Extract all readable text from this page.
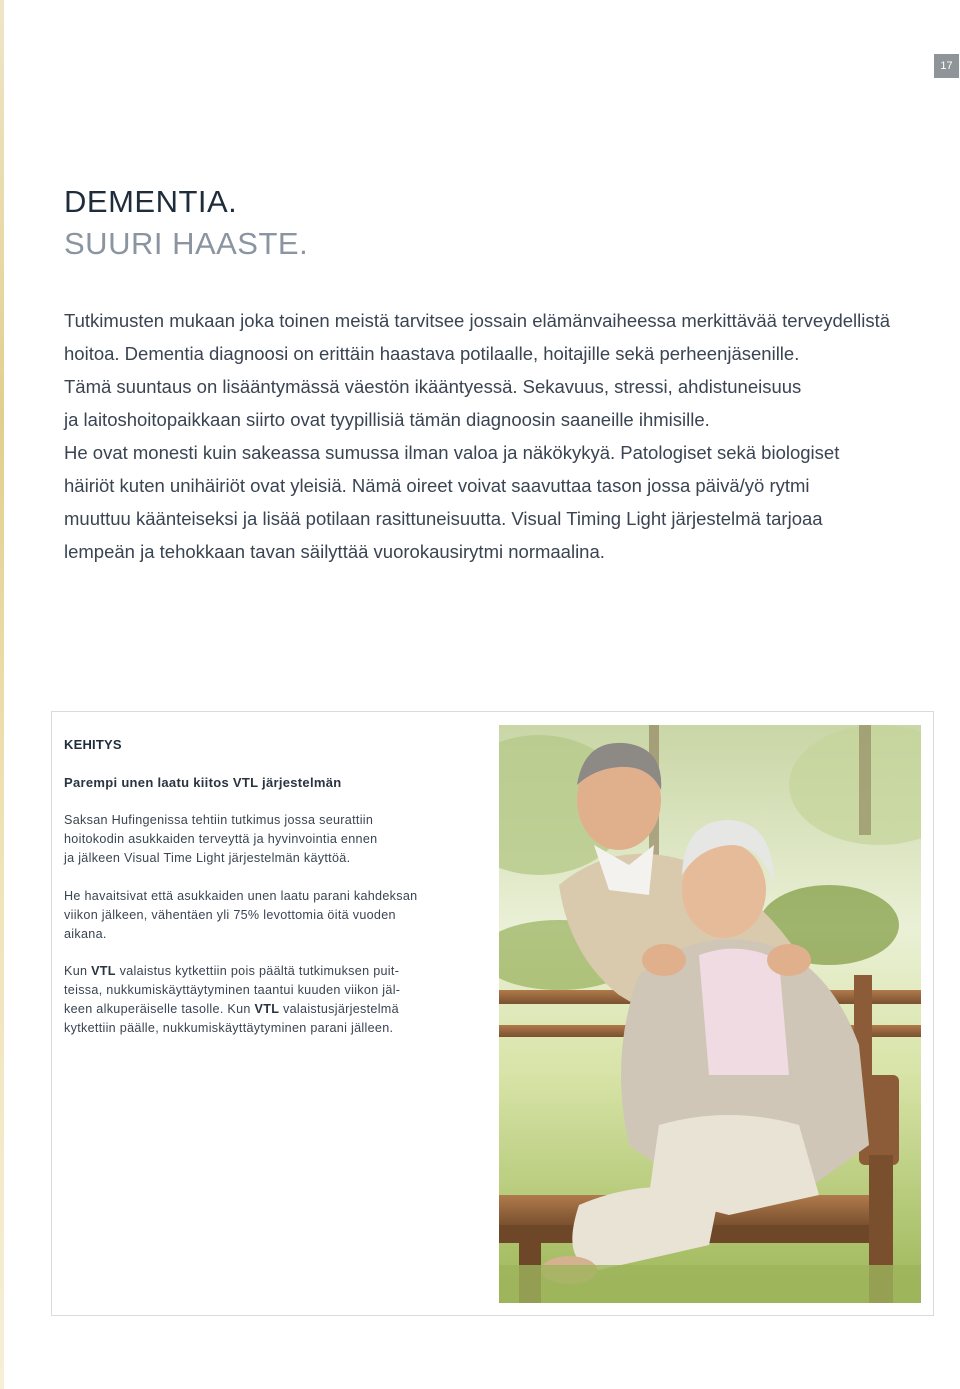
17
DEMENTIA.
SUURI HAASTE.

Tutkimusten mukaan joka toinen meistä tarvitsee jossain elämänvaiheessa merkittävää terveydellistä
hoitoa. Dementia diagnoosi on erittäin haastava potilaalle, hoitajille sekä perheenjäsenille.
Tämä suuntaus on lisääntymässä väestön ikääntyessä. Sekavuus, stressi, ahdistuneisuus
ja laitoshoitopaikkaan siirto ovat tyypillisiä tämän diagnoosin saaneille ihmisille.
He ovat monesti kuin sakeassa sumussa ilman valoa ja näkökykyä. Patologiset sekä biologiset
häiriöt kuten unihäiriöt ovat yleisiä. Nämä oireet voivat saavuttaa tason jossa päivä/yö rytmi
muuttuu käänteiseksi ja lisää potilaan rasittuneisuutta. Visual Timing Light järjestelmä tarjoaa
lempeän ja tehokkaan tavan säilyttää vuorokausirytmi normaalina.

KEHITYS
Parempi unen laatu kiitos VTL järjestelmän

Saksan Hufingenissa tehtiin tutkimus jossa seurattiin
hoitokodin asukkaiden terveyttä ja hyvinvointia ennen
ja jälkeen Visual Time Light järjestelmän käyttöä.

He havaitsivat että asukkaiden unen laatu parani kahdeksan
viikon jälkeen, vähentäen yli 75% levottomia öitä vuoden
aikana.

Kun VTL valaistus kytkettiin pois päältä tutkimuksen puit-
teissa, nukkumiskäyttäytyminen taantui kuuden viikon jäl-
keen alkuperäiselle tasolle. Kun VTL valaistusjärjestelmä
kytkettiin päälle, nukkumiskäyttäytyminen parani jälleen.
